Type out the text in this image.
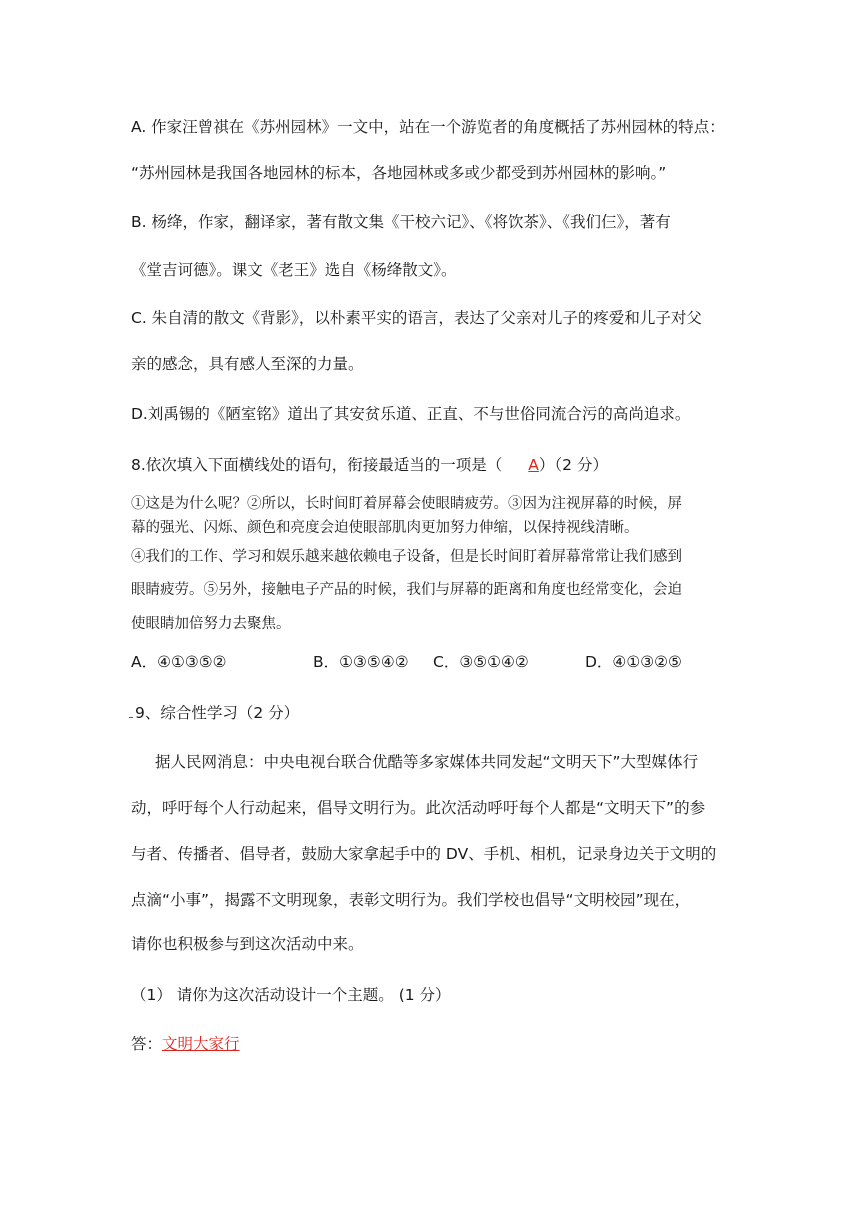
A. 作家汪曾祺在《苏州园林》一文中，站在一个游览者的角度概括了苏州园林的特点：
“苏州园林是我国各地园林的标本，各地园林或多或少都受到苏州园林的影响。”
B. 杨绛，作家，翻译家，著有散文集《干校六记》、《将饮茶》、《我们仨》，著有
《堂吉诃德》。课文《老王》选自《杨绛散文》。
C. 朱自清的散文《背影》，以朴素平实的语言，表达了父亲对儿子的疼爱和儿子对父
亲的感念，具有感人至深的力量。
D.刘禹锡的《陋室铭》道出了其安贫乐道、正直、不与世俗同流合污的高尚追求。
8.依次填入下面横线处的语句，衔接最适当的一项是（ A）（2 分）
①这是为什么呢？②所以，长时间盯着屏幕会使眼睛疲劳。③因为注视屏幕的时候，屏
幕的强光、闪烁、颜色和亮度会迫使眼部肌肉更加努力伸缩，以保持视线清晰。
④我们的工作、学习和娱乐越来越依赖电子设备，但是长时间盯着屏幕常常让我们感到
眼睛疲劳。⑤另外，接触电子产品的时候，我们与屏幕的距离和角度也经常变化，会迫
使眼睛加倍努力去聚焦。
A．④①③⑤②	B．①③⑤④② C．③⑤①④②	D．④①③②⑤
9、综合性学习（2 分）
据人民网消息：中央电视台联合优酷等多家媒体共同发起“文明天下”大型媒体行
动，呼吁每个人行动起来，倡导文明行为。此次活动呼吁每个人都是“文明天下”的参
与者、传播者、倡导者，鼓励大家拿起手中的 DV、手机、相机，记录身边关于文明的
点滴“小事”，揭露不文明现象，表彰文明行为。我们学校也倡导“文明校园”现在，
请你也积极参与到这次活动中来。
（1） 请你为这次活动设计一个主题。 (1 分）
答：文明大家行
